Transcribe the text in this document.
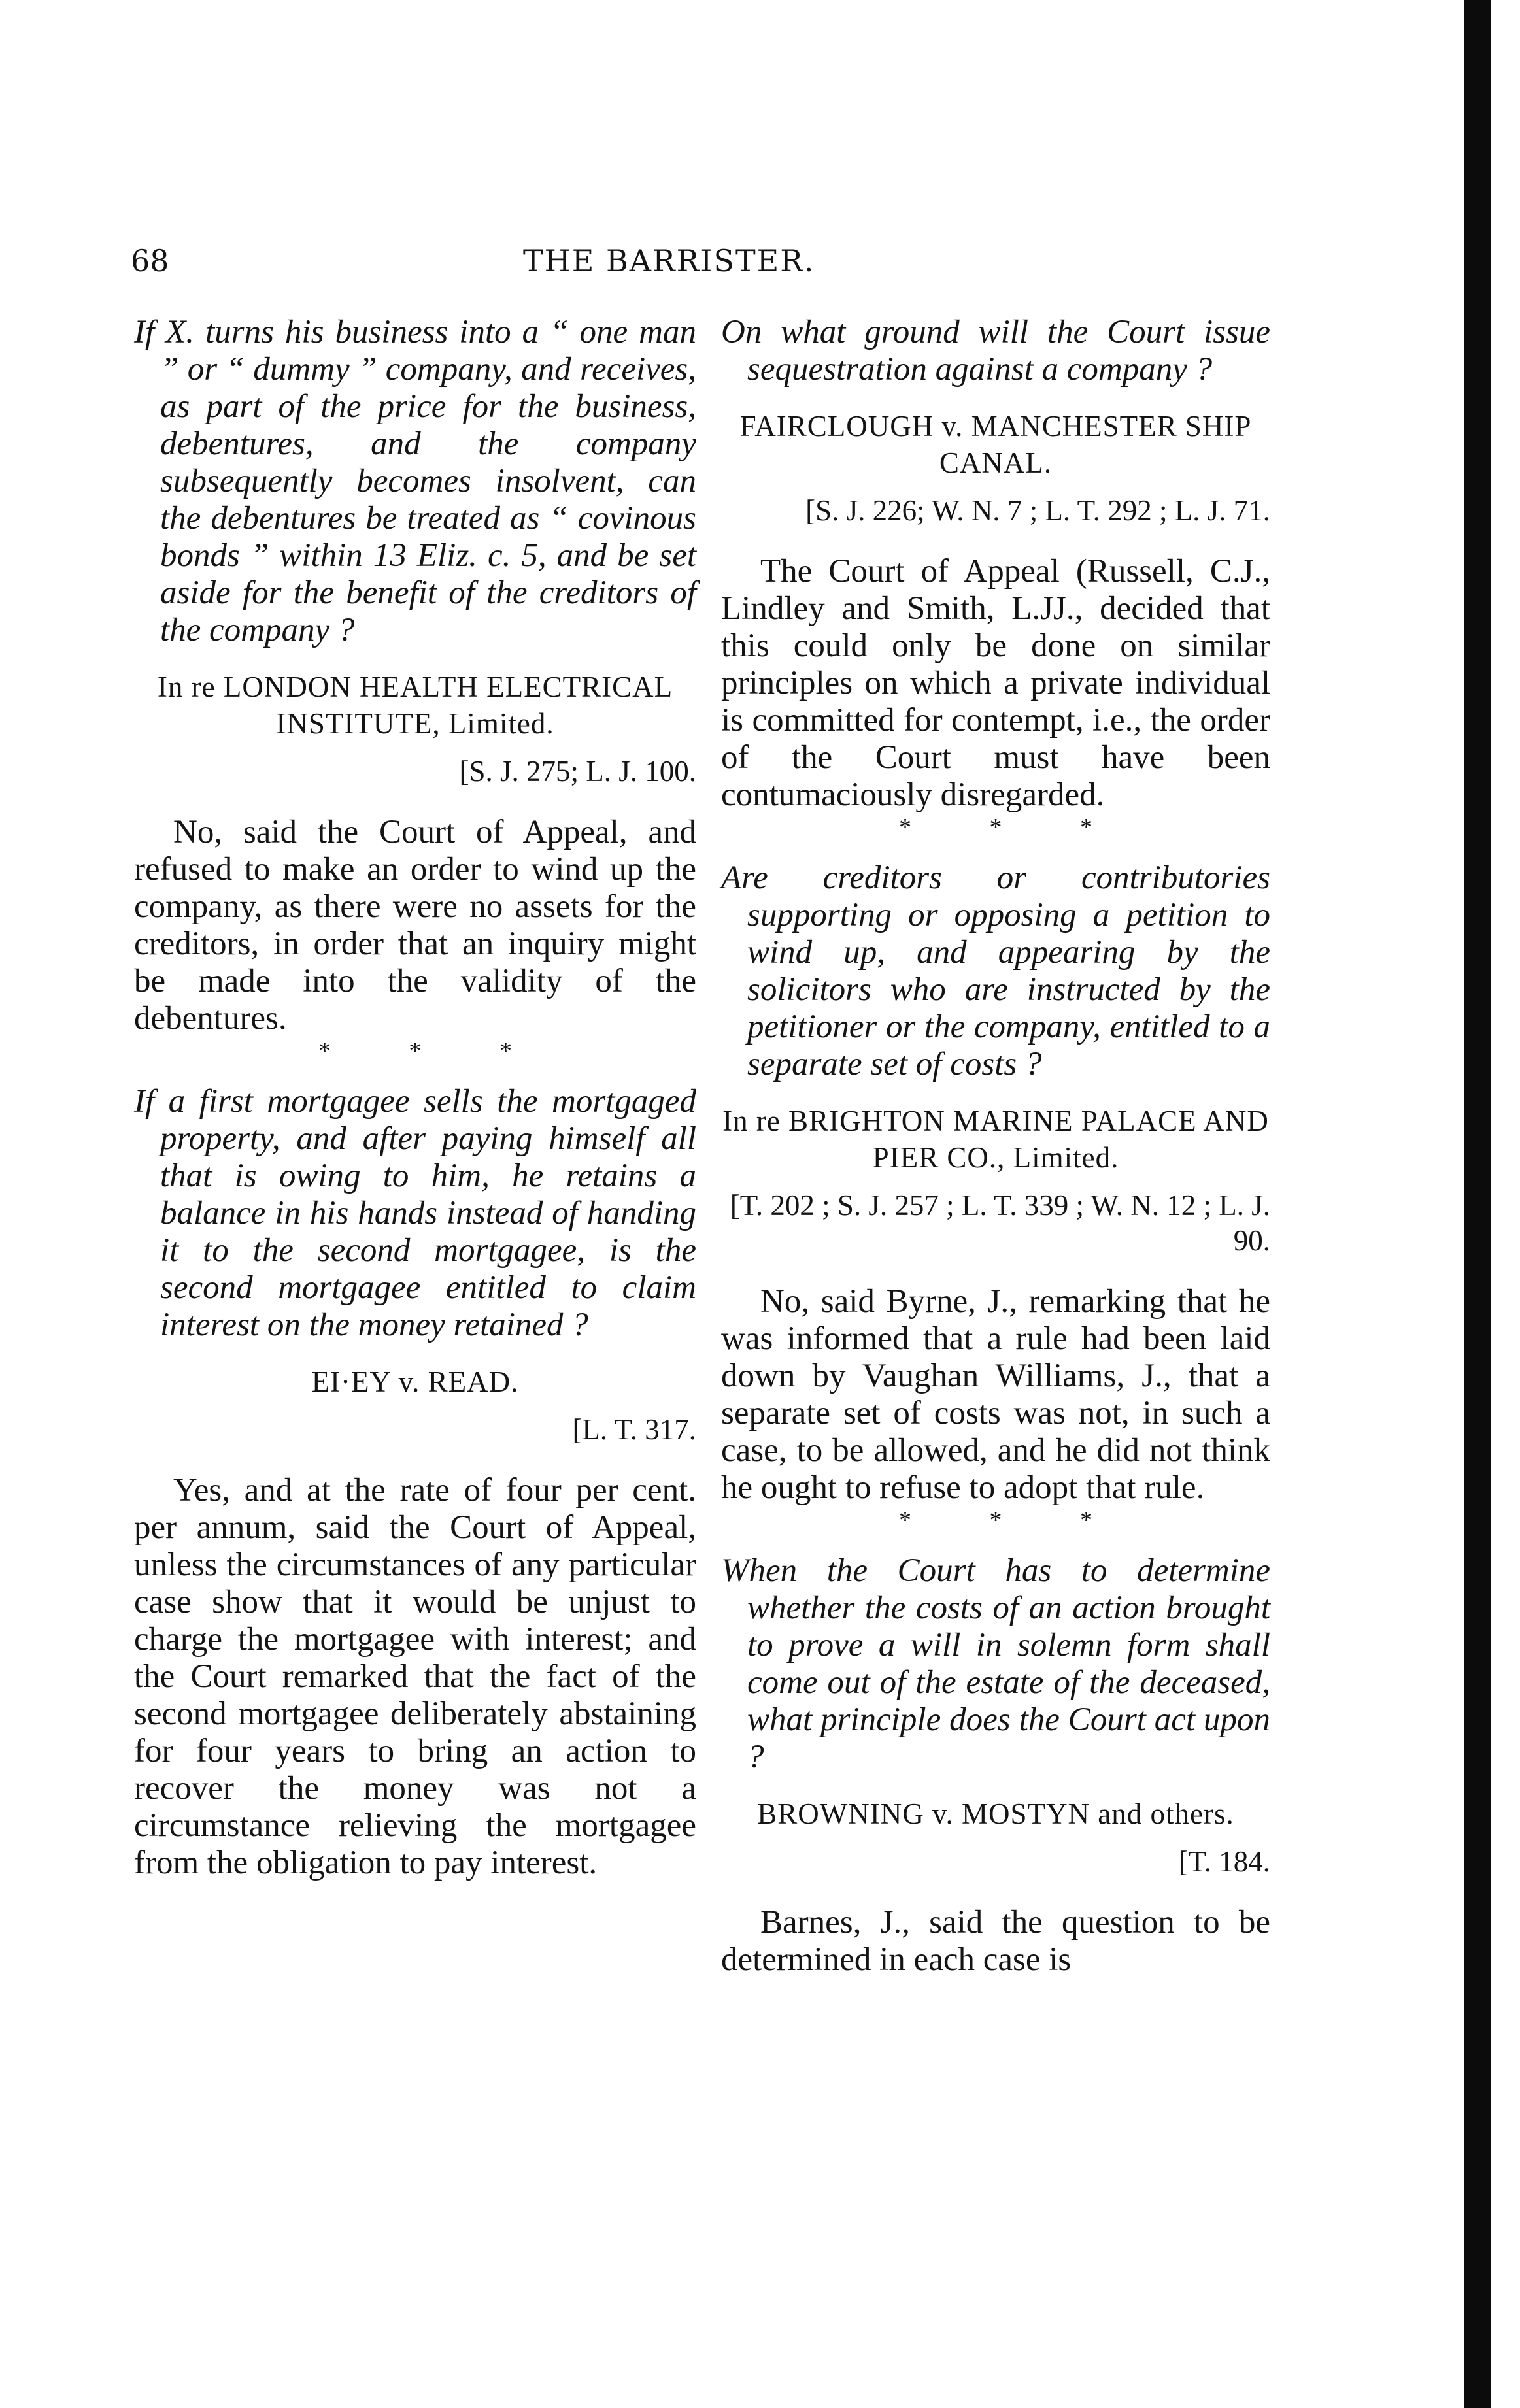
68	THE BARRISTER.

If X. turns his business into a “ one man ” or “ dummy ” company, and receives, as part of the price for the business, debentures, and the company subsequently becomes insolvent, can the debentures be treated as “ covinous bonds ” within 13 Eliz. c. 5, and be set aside for the benefit of the creditors of the company ?

In re LONDON HEALTH ELECTRICAL INSTITUTE, Limited.

[S. J. 275; L. J. 100.

No, said the Court of Appeal, and refused to make an order to wind up the company, as there were no assets for the creditors, in order that an inquiry might be made into the validity of the debentures.

* * *

If a first mortgagee sells the mortgaged property, and after paying himself all that is owing to him, he retains a balance in his hands instead of handing it to the second mortgagee, is the second mortgagee entitled to claim interest on the money retained ?

EI·EY v. READ.

[L. T. 317.

Yes, and at the rate of four per cent. per annum, said the Court of Appeal, unless the circumstances of any particular case show that it would be unjust to charge the mortgagee with interest; and the Court remarked that the fact of the second mortgagee deliberately abstaining for four years to bring an action to recover the money was not a circumstance relieving the mortgagee from the obligation to pay interest.

On what ground will the Court issue sequestration against a company ?

FAIRCLOUGH v. MANCHESTER SHIP CANAL.

[S. J. 226; W. N. 7 ; L. T. 292 ; L. J. 71.

The Court of Appeal (Russell, C.J., Lindley and Smith, L.JJ., decided that this could only be done on similar principles on which a private individual is committed for contempt, i.e., the order of the Court must have been contumaciously disregarded.

* * *

Are creditors or contributories supporting or opposing a petition to wind up, and appearing by the solicitors who are instructed by the petitioner or the company, entitled to a separate set of costs ?

In re BRIGHTON MARINE PALACE AND PIER CO., Limited.

[T. 202 ; S. J. 257 ; L. T. 339 ; W. N. 12 ; L. J. 90.

No, said Byrne, J., remarking that he was informed that a rule had been laid down by Vaughan Williams, J., that a separate set of costs was not, in such a case, to be allowed, and he did not think he ought to refuse to adopt that rule.

* * *

When the Court has to determine whether the costs of an action brought to prove a will in solemn form shall come out of the estate of the deceased, what principle does the Court act upon ?

BROWNING v. MOSTYN and others.

[T. 184.

Barnes, J., said the question to be determined in each case is
